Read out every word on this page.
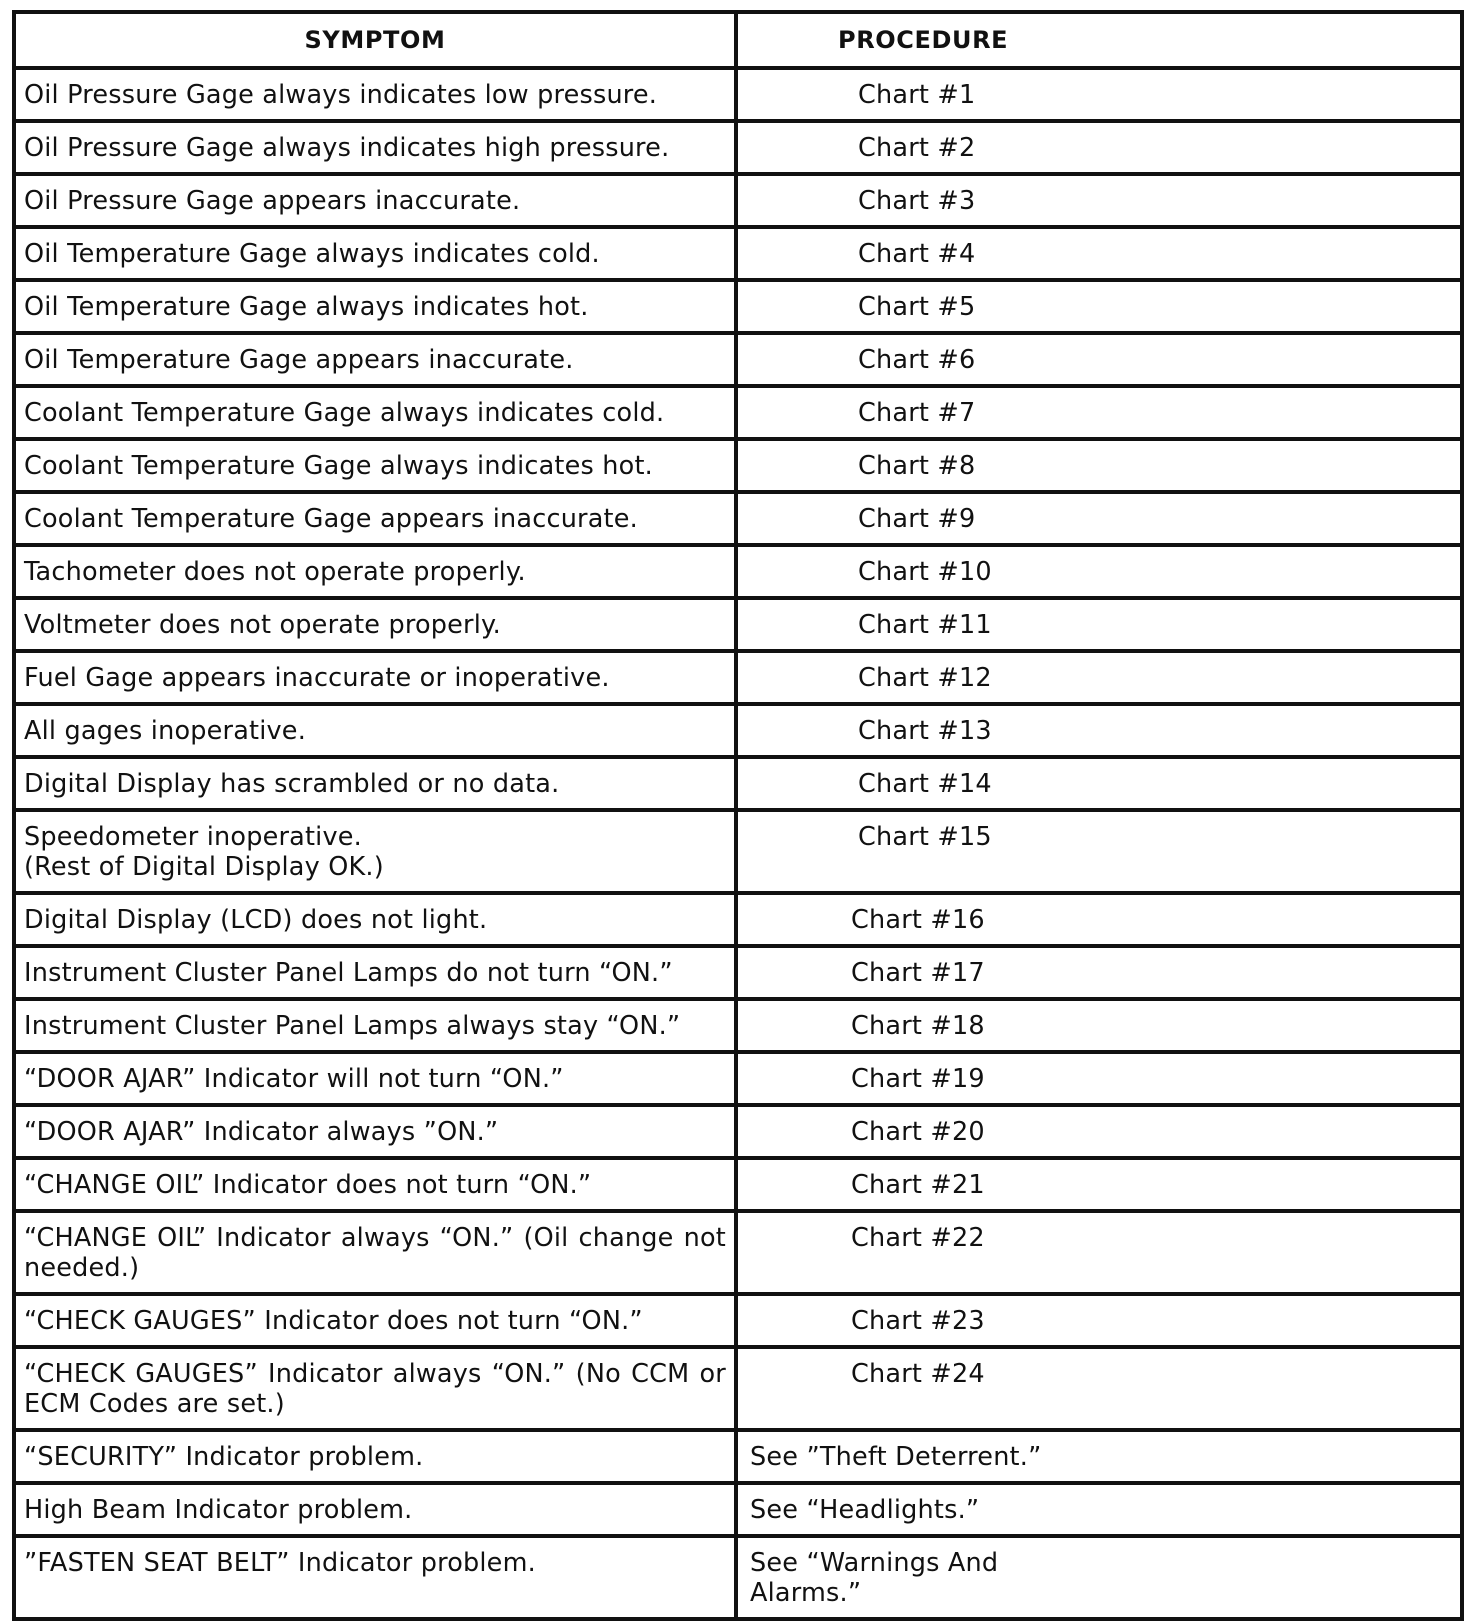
SYMPTOM	PROCEDURE

Oil Pressure Gage always indicates low pressure.	Chart #1

Oil Pressure Gage always indicates high pressure.	Chart #2

Oil Pressure Gage appears inaccurate.	Chart #3

Oil Temperature Gage always indicates cold.	Chart #4

Oil Temperature Gage always indicates hot.	Chart #5

Oil Temperature Gage appears inaccurate.	Chart #6

Coolant Temperature Gage always indicates cold.	Chart #7

Coolant Temperature Gage always indicates hot.	Chart #8

Coolant Temperature Gage appears inaccurate.	Chart #9

Tachometer does not operate properly.	Chart #10

Voltmeter does not operate properly.	Chart #11

Fuel Gage appears inaccurate or inoperative.	Chart #12

All gages inoperative.	Chart #13

Digital Display has scrambled or no data.	Chart #14

Speedometer inoperative.
(Rest of Digital Display OK.)	Chart #15

Digital Display (LCD) does not light.	Chart #16

Instrument Cluster Panel Lamps do not turn “ON.”	Chart #17

Instrument Cluster Panel Lamps always stay “ON.”	Chart #18

“DOOR AJAR” Indicator will not turn “ON.”	Chart #19

“DOOR AJAR” Indicator always ”ON.”	Chart #20

“CHANGE OIL” Indicator does not turn “ON.”	Chart #21

“CHANGE OIL” Indicator always “ON.” (Oil change not needed.)	Chart #22

“CHECK GAUGES” Indicator does not turn “ON.”	Chart #23

“CHECK GAUGES” Indicator always “ON.” (No CCM or ECM Codes are set.)	Chart #24

“SECURITY” Indicator problem.	See ”Theft Deterrent.”

High Beam Indicator problem.	See “Headlights.”

”FASTEN SEAT BELT” Indicator problem.	See “Warnings And
Alarms.”
